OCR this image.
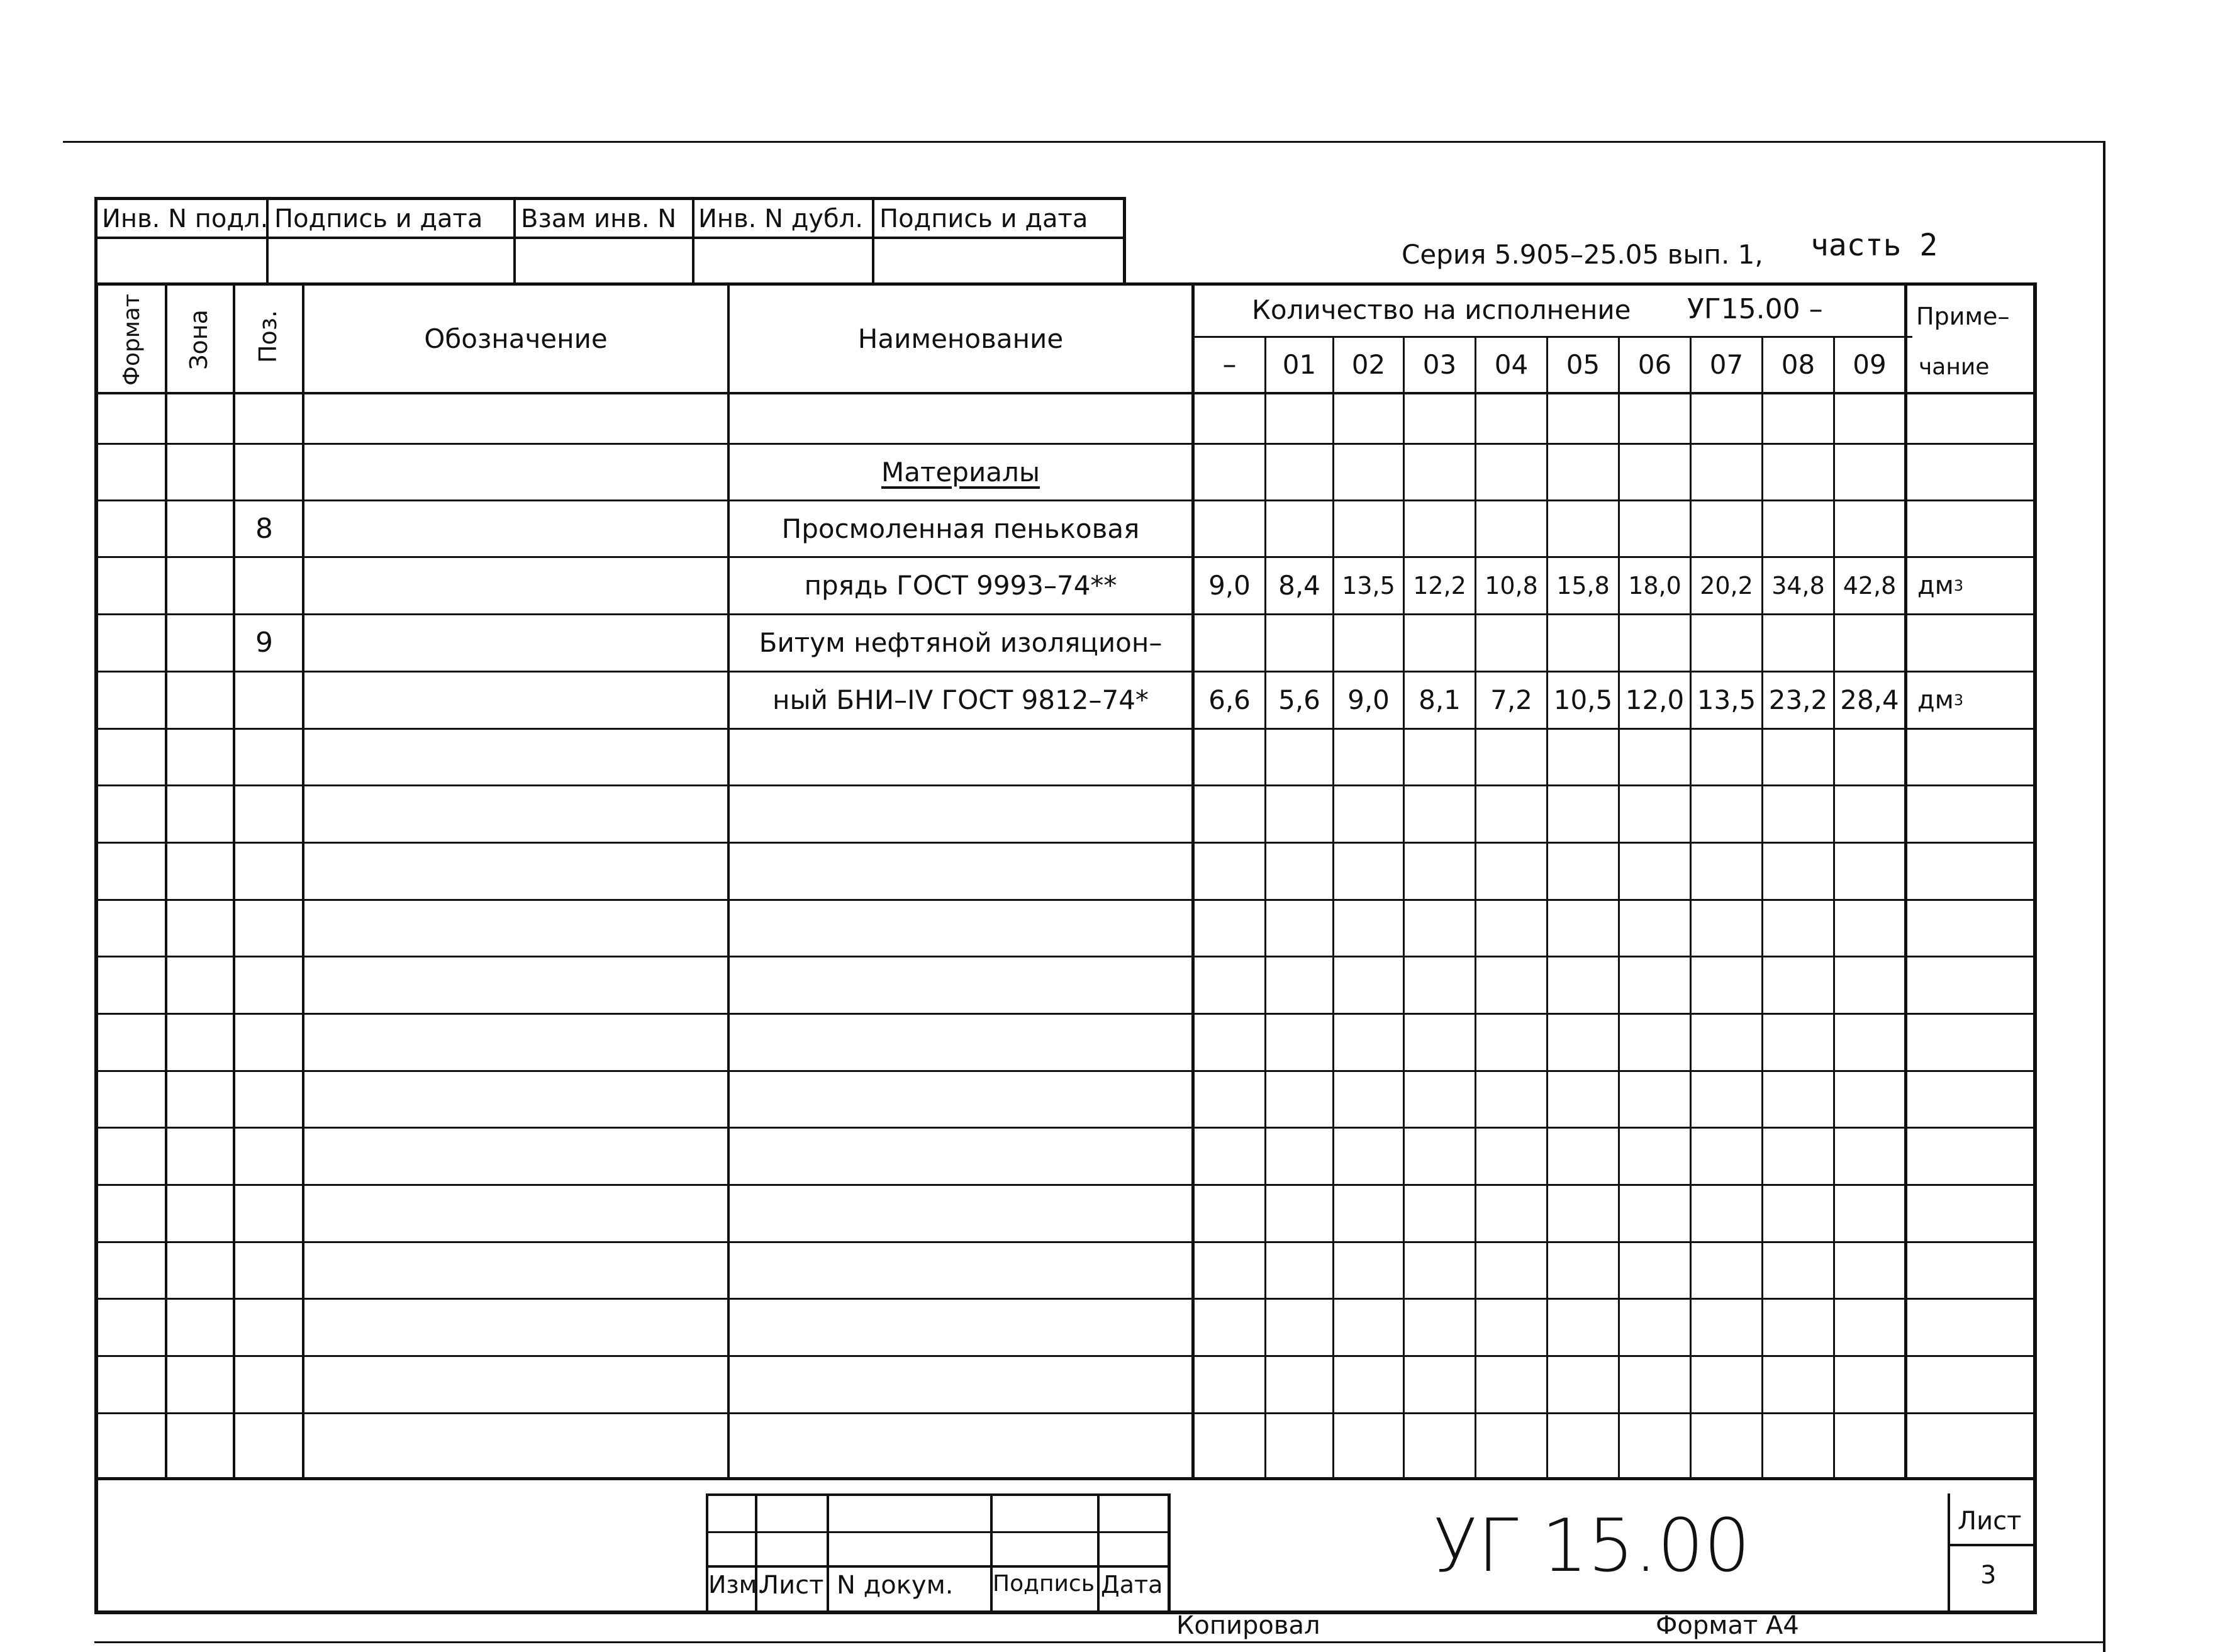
Инв. N подл. Подпись и дата Взам инв. N Инв. N дубл. Подпись и дата
Серия 5.905–25.05 вып. 1, часть 2
Формат Зона Поз.	Обозначение	Наименование
Количество на исполнение УГ15.00 –	Приме–
чание
–	01	02	03	04	05	06	07	08	09
Материалы
8	Просмоленная пеньковая
прядь ГОСТ 9993–74**	9,0	8,4 13,5 12,2 10,8 15,8 18,0 20,2 34,8 42,8 дм 3
9	Битум нефтяной изоляцион–
ный БНИ–IV ГОСТ 9812–74*	6,6	5,6	9,0	8,1	7,2 10,5 12,0 13,5 23,2 28,4 дм 3
Изм.
Лист N докум. Подпись Дата	УГ 15.00	Лист
3
Копировал	Формат А4
